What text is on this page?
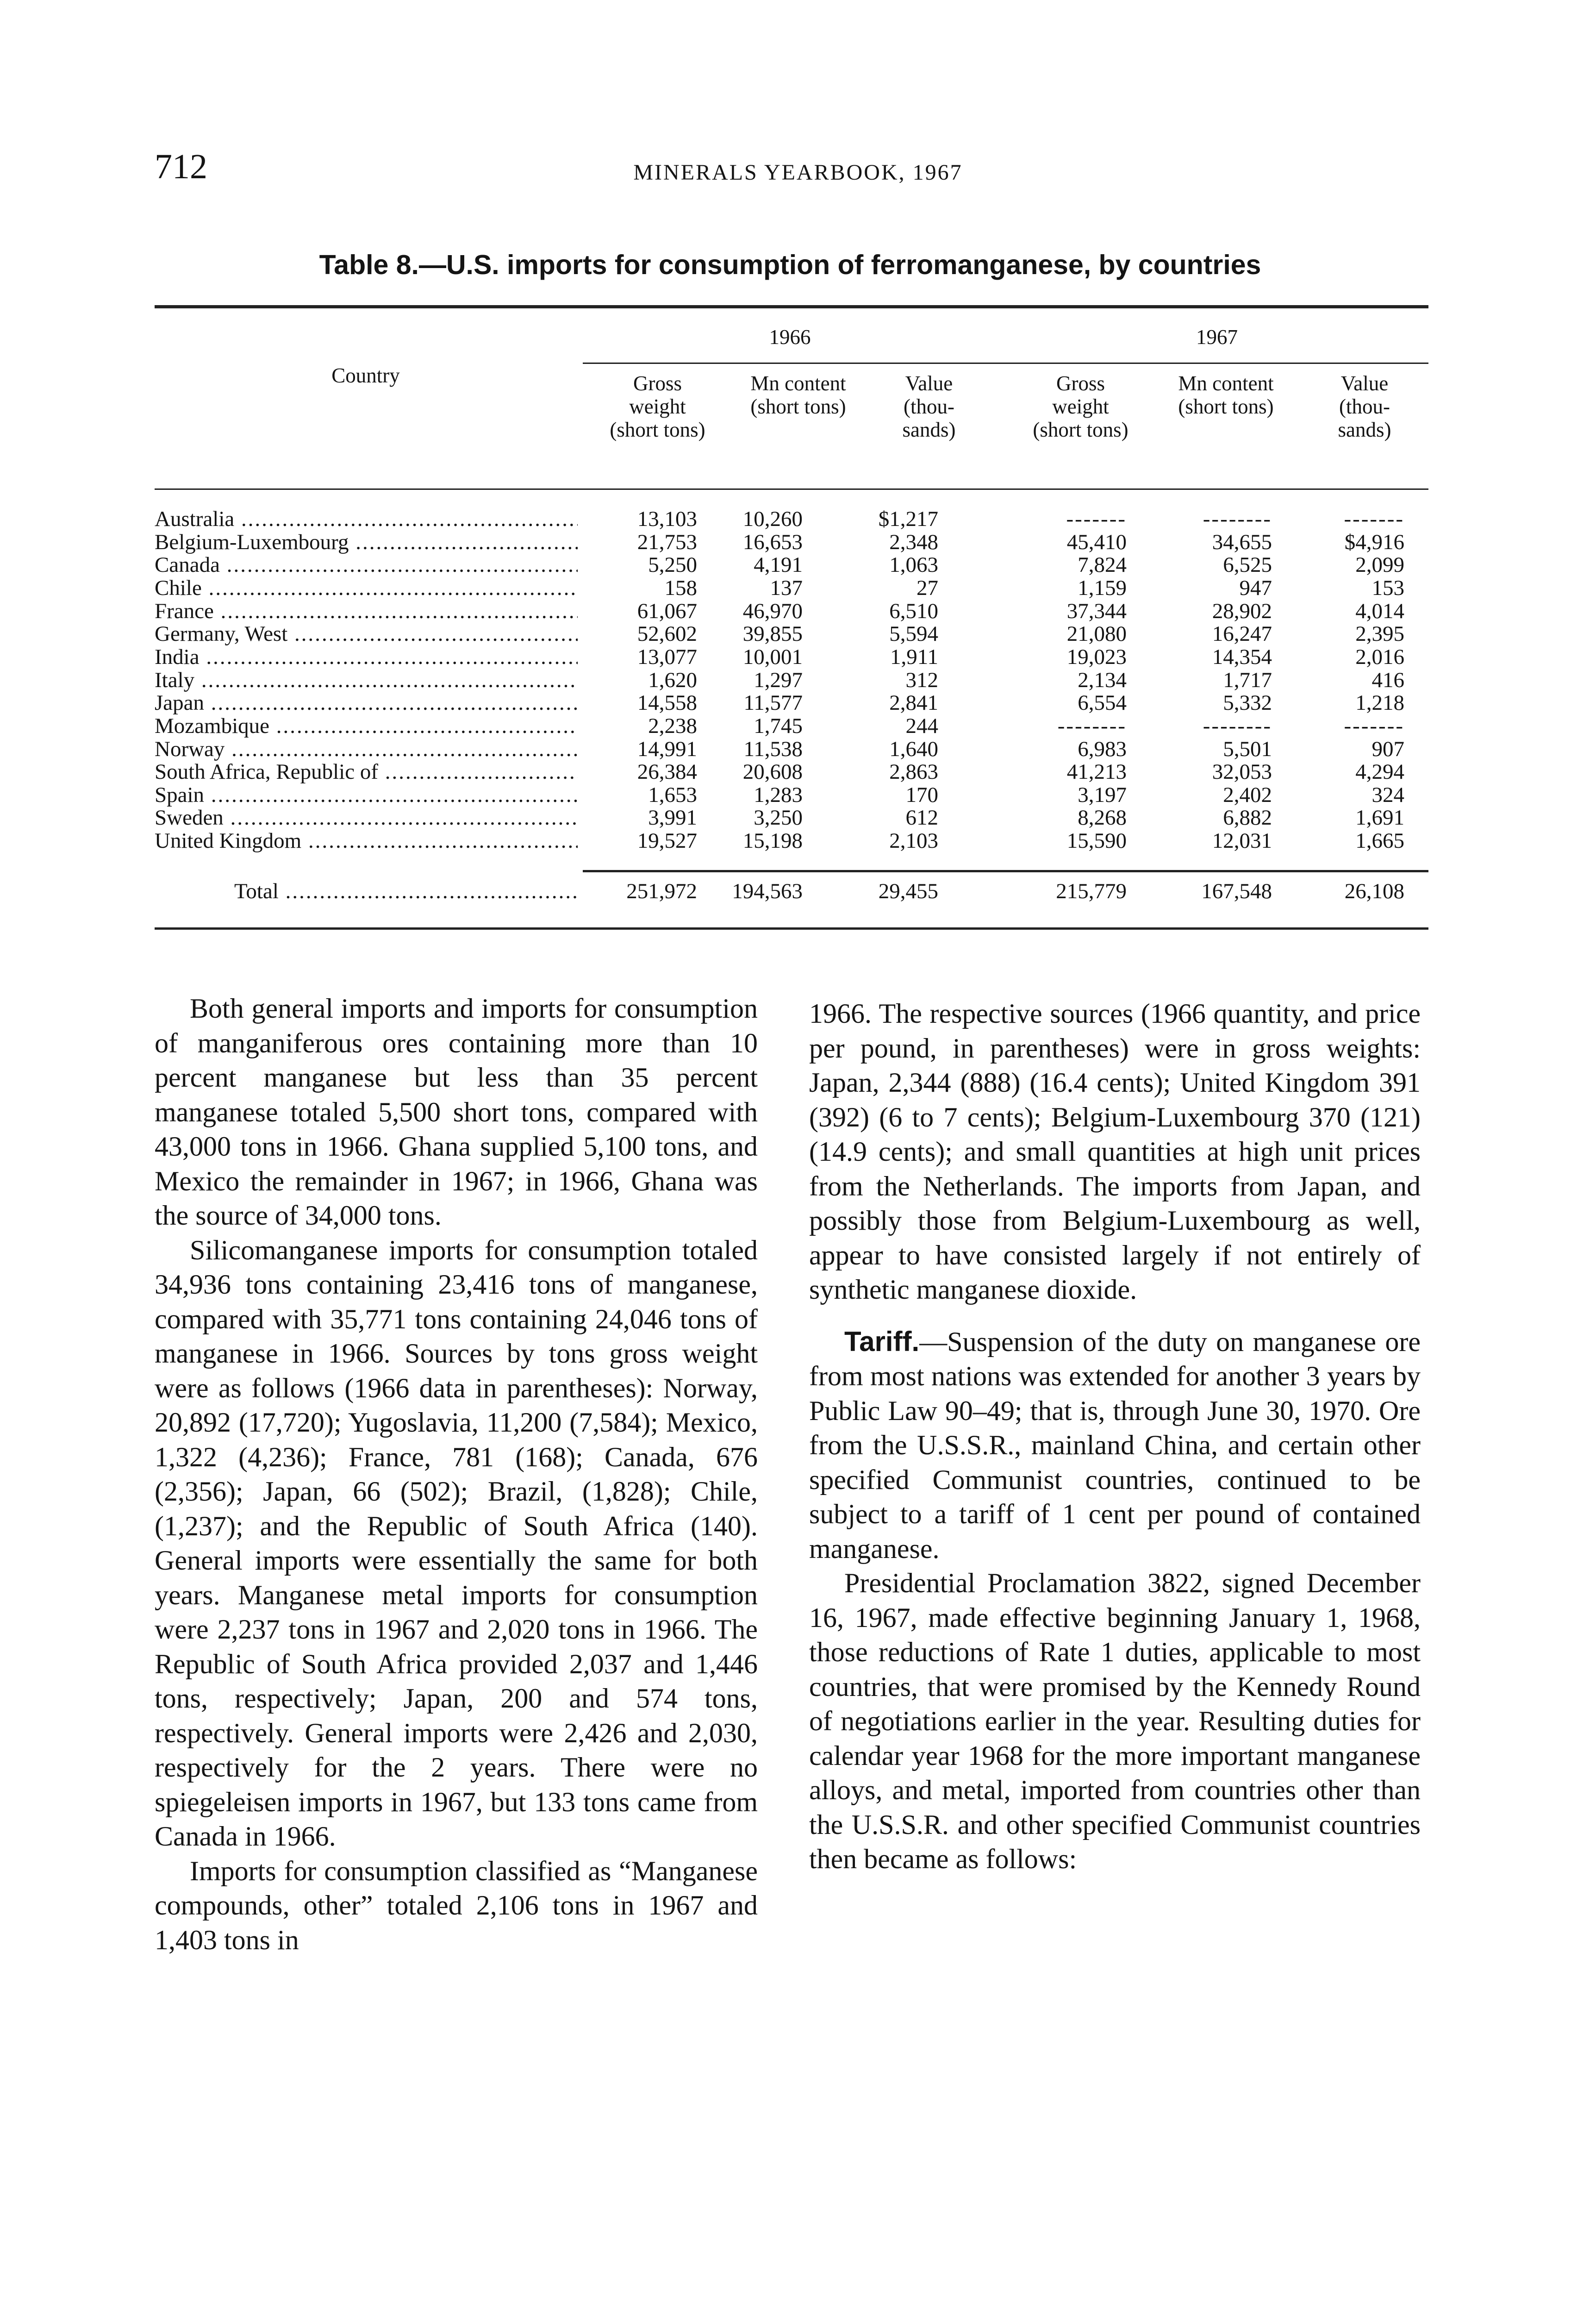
712	MINERALS YEARBOOK, 1967
Table 8.—U.S. imports for consumption of ferromanganese, by countries
Country
1966	1967
Gross weight (short tons)
Mn content (short tons)
Value (thou- sands)
Gross weight (short tons)
Mn content (short tons)
Value (thou- sands)
Australia .....	13,103	10,260	$1,217	-------	--------	-------
Belgium-Luxembourg .....	21,753	16,653	2,348	45,410	34,655	$4,916
Canada .....	5,250	4,191	1,063	7,824	6,525	2,099
Chile .....	158	137	27	1,159	947	153
France .....	61,067	46,970	6,510	37,344	28,902	4,014
Germany, West .....	52,602	39,855	5,594	21,080	16,247	2,395
India .....	13,077	10,001	1,911	19,023	14,354	2,016
Italy .....	1,620	1,297	312	2,134	1,717	416
Japan .....	14,558	11,577	2,841	6,554	5,332	1,218
Mozambique .....	2,238	1,745	244	--------	--------	-------
Norway .....	14,991	11,538	1,640	6,983	5,501	907
South Africa, Republic of .....	26,384	20,608	2,863	41,213	32,053	4,294
Spain .....	1,653	1,283	170	3,197	2,402	324
Sweden .....	3,991	3,250	612	8,268	6,882	1,691
United Kingdom .....	19,527	15,198	2,103	15,590	12,031	1,665
Total .....	251,972	194,563	29,455	215,779	167,548	26,108

Both general imports and imports for consumption of manganiferous ores containing more than 10 percent manganese but less than 35 percent manganese totaled 5,500 short tons, compared with 43,000 tons in 1966. Ghana supplied 5,100 tons, and Mexico the remainder in 1967; in 1966, Ghana was the source of 34,000 tons.

Silicomanganese imports for consumption totaled 34,936 tons containing 23,416 tons of manganese, compared with 35,771 tons containing 24,046 tons of manganese in 1966. Sources by tons gross weight were as follows (1966 data in parentheses): Norway, 20,892 (17,720); Yugoslavia, 11,200 (7,584); Mexico, 1,322 (4,236); France, 781 (168); Canada, 676 (2,356); Japan, 66 (502); Brazil, (1,828); Chile, (1,237); and the Republic of South Africa (140). General imports were essentially the same for both years. Manganese metal imports for consumption were 2,237 tons in 1967 and 2,020 tons in 1966. The Republic of South Africa provided 2,037 and 1,446 tons, respectively; Japan, 200 and 574 tons, respectively. General imports were 2,426 and 2,030, respectively for the 2 years. There were no spiegeleisen imports in 1967, but 133 tons came from Canada in 1966.

Imports for consumption classified as “Manganese compounds, other” totaled 2,106 tons in 1967 and 1,403 tons in

1966. The respective sources (1966 quantity, and price per pound, in parentheses) were in gross weights: Japan, 2,344 (888) (16.4 cents); United Kingdom 391 (392) (6 to 7 cents); Belgium-Luxembourg 370 (121) (14.9 cents); and small quantities at high unit prices from the Netherlands. The imports from Japan, and possibly those from Belgium-Luxembourg as well, appear to have consisted largely if not entirely of synthetic manganese dioxide.

Tariff.—Suspension of the duty on manganese ore from most nations was extended for another 3 years by Public Law 90–49; that is, through June 30, 1970. Ore from the U.S.S.R., mainland China, and certain other specified Communist countries, continued to be subject to a tariff of 1 cent per pound of contained manganese.

Presidential Proclamation 3822, signed December 16, 1967, made effective beginning January 1, 1968, those reductions of Rate 1 duties, applicable to most countries, that were promised by the Kennedy Round of negotiations earlier in the year. Resulting duties for calendar year 1968 for the more important manganese alloys, and metal, imported from countries other than the U.S.S.R. and other specified Communist countries then became as follows:
